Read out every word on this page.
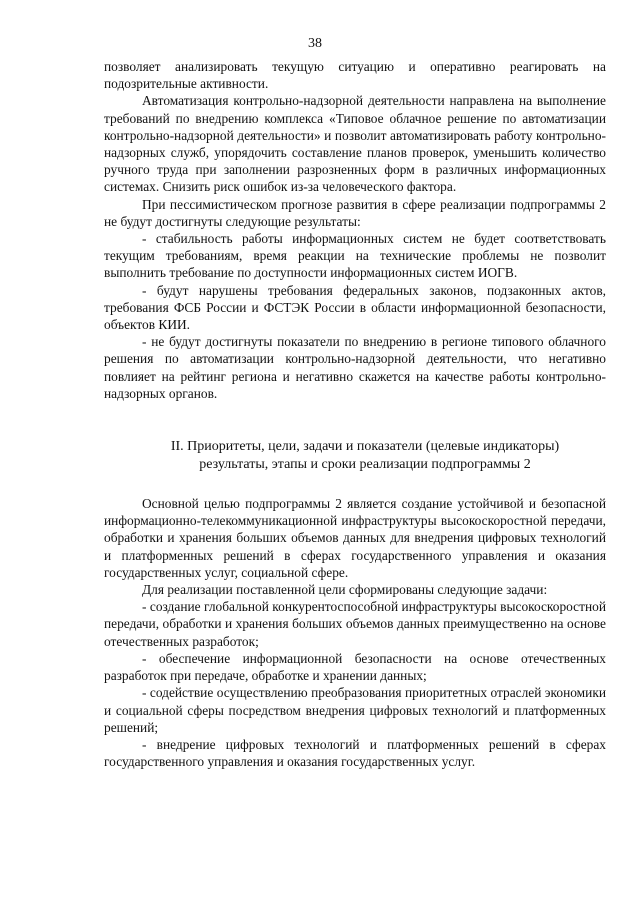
38

позволяет анализировать текущую ситуацию и оперативно реагировать на подозрительные активности.

Автоматизация контрольно-надзорной деятельности направлена на выполнение требований по внедрению комплекса «Типовое облачное решение по автоматизации контрольно-надзорной деятельности» и позволит автоматизировать работу контрольно-надзорных служб, упорядочить составление планов проверок, уменьшить количество ручного труда при заполнении разрозненных форм в различных информационных системах. Снизить риск ошибок из-за человеческого фактора.

При пессимистическом прогнозе развития в сфере реализации подпрограммы 2 не будут достигнуты следующие результаты:

- стабильность работы информационных систем не будет соответствовать текущим требованиям, время реакции на технические проблемы не позволит выполнить требование по доступности информационных систем ИОГВ.

- будут нарушены требования федеральных законов, подзаконных актов, требования ФСБ России и ФСТЭК России в области информационной безопасности, объектов КИИ.

- не будут достигнуты показатели по внедрению в регионе типового облачного решения по автоматизации контрольно-надзорной деятельности, что негативно повлияет на рейтинг региона и негативно скажется на качестве работы контрольно-надзорных органов.

II. Приоритеты, цели, задачи и показатели (целевые индикаторы)
результаты, этапы и сроки реализации подпрограммы 2

Основной целью подпрограммы 2 является создание устойчивой и безопасной информационно-телекоммуникационной инфраструктуры высокоскоростной передачи, обработки и хранения больших объемов данных для внедрения цифровых технологий и платформенных решений в сферах государственного управления и оказания государственных услуг, социальной сфере.

Для реализации поставленной цели сформированы следующие задачи:

- создание глобальной конкурентоспособной инфраструктуры высокоскоростной передачи, обработки и хранения больших объемов данных преимущественно на основе отечественных разработок;

- обеспечение информационной безопасности на основе отечественных разработок при передаче, обработке и хранении данных;

- содействие осуществлению преобразования приоритетных отраслей экономики и социальной сферы посредством внедрения цифровых технологий и платформенных решений;

- внедрение цифровых технологий и платформенных решений в сферах государственного управления и оказания государственных услуг.
